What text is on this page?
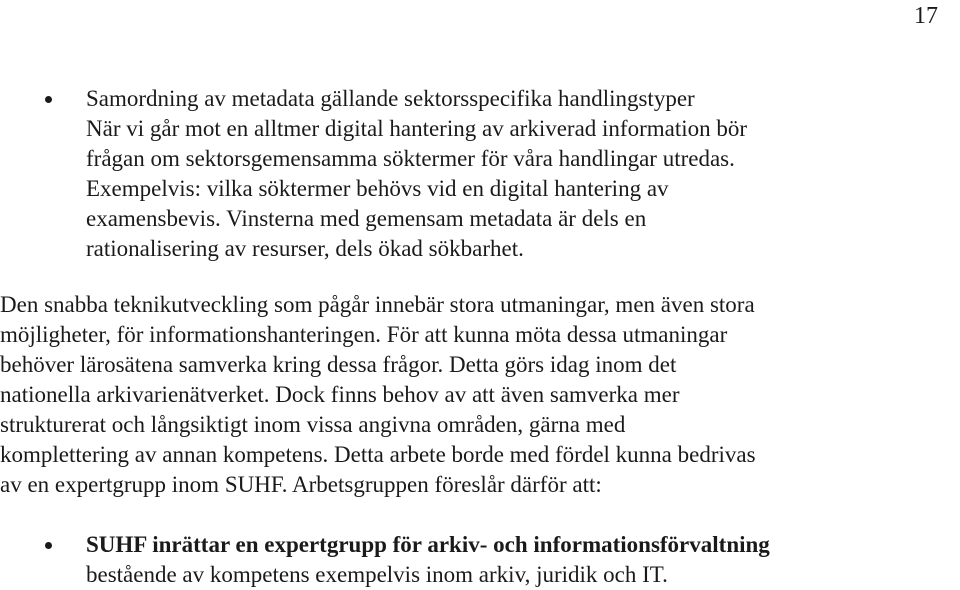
17
Samordning av metadata gällande sektorsspecifika handlingstyper
När vi går mot en alltmer digital hantering av arkiverad information bör
frågan om sektorsgemensamma söktermer för våra handlingar utredas.
Exempelvis: vilka söktermer behövs vid en digital hantering av
examensbevis. Vinsterna med gemensam metadata är dels en
rationalisering av resurser, dels ökad sökbarhet.
Den snabba teknikutveckling som pågår innebär stora utmaningar, men även stora
möjligheter, för informationshanteringen. För att kunna möta dessa utmaningar
behöver lärosätena samverka kring dessa frågor. Detta görs idag inom det
nationella arkivarienätverket. Dock finns behov av att även samverka mer
strukturerat och långsiktigt inom vissa angivna områden, gärna med
komplettering av annan kompetens. Detta arbete borde med fördel kunna bedrivas
av en expertgrupp inom SUHF. Arbetsgruppen föreslår därför att:
SUHF inrättar en expertgrupp för arkiv- och informationsförvaltning
bestående av kompetens exempelvis inom arkiv, juridik och IT.
